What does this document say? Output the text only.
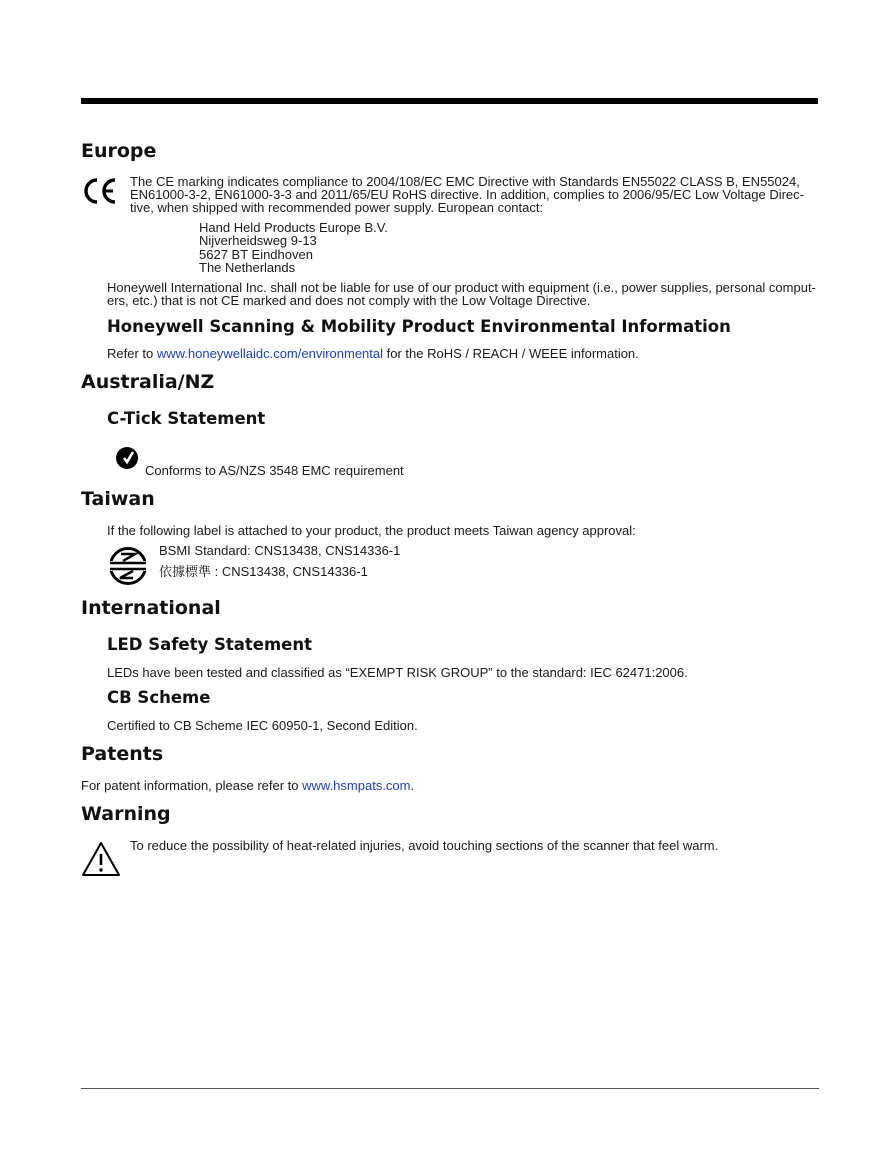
Europe
The CE marking indicates compliance to 2004/108/EC EMC Directive with Standards EN55022 CLASS B, EN55024,
EN61000-3-2, EN61000-3-3 and 2011/65/EU RoHS directive. In addition, complies to 2006/95/EC Low Voltage Direc-
tive, when shipped with recommended power supply. European contact:
Hand Held Products Europe B.V.
Nijverheidsweg 9-13
5627 BT Eindhoven
The Netherlands
Honeywell International Inc. shall not be liable for use of our product with equipment (i.e., power supplies, personal comput-
ers, etc.) that is not CE marked and does not comply with the Low Voltage Directive.
Honeywell Scanning & Mobility Product Environmental Information
Refer to www.honeywellaidc.com/environmental for the RoHS / REACH / WEEE information.
Australia/NZ
C-Tick Statement
Conforms to AS/NZS 3548 EMC requirement
Taiwan
If the following label is attached to your product, the product meets Taiwan agency approval:
BSMI Standard: CNS13438, CNS14336-1
依據標準 : CNS13438, CNS14336-1
International
LED Safety Statement
LEDs have been tested and classified as “EXEMPT RISK GROUP” to the standard: IEC 62471:2006.
CB Scheme
Certified to CB Scheme IEC 60950-1, Second Edition.
Patents
For patent information, please refer to www.hsmpats.com.
Warning
To reduce the possibility of heat-related injuries, avoid touching sections of the scanner that feel warm.
